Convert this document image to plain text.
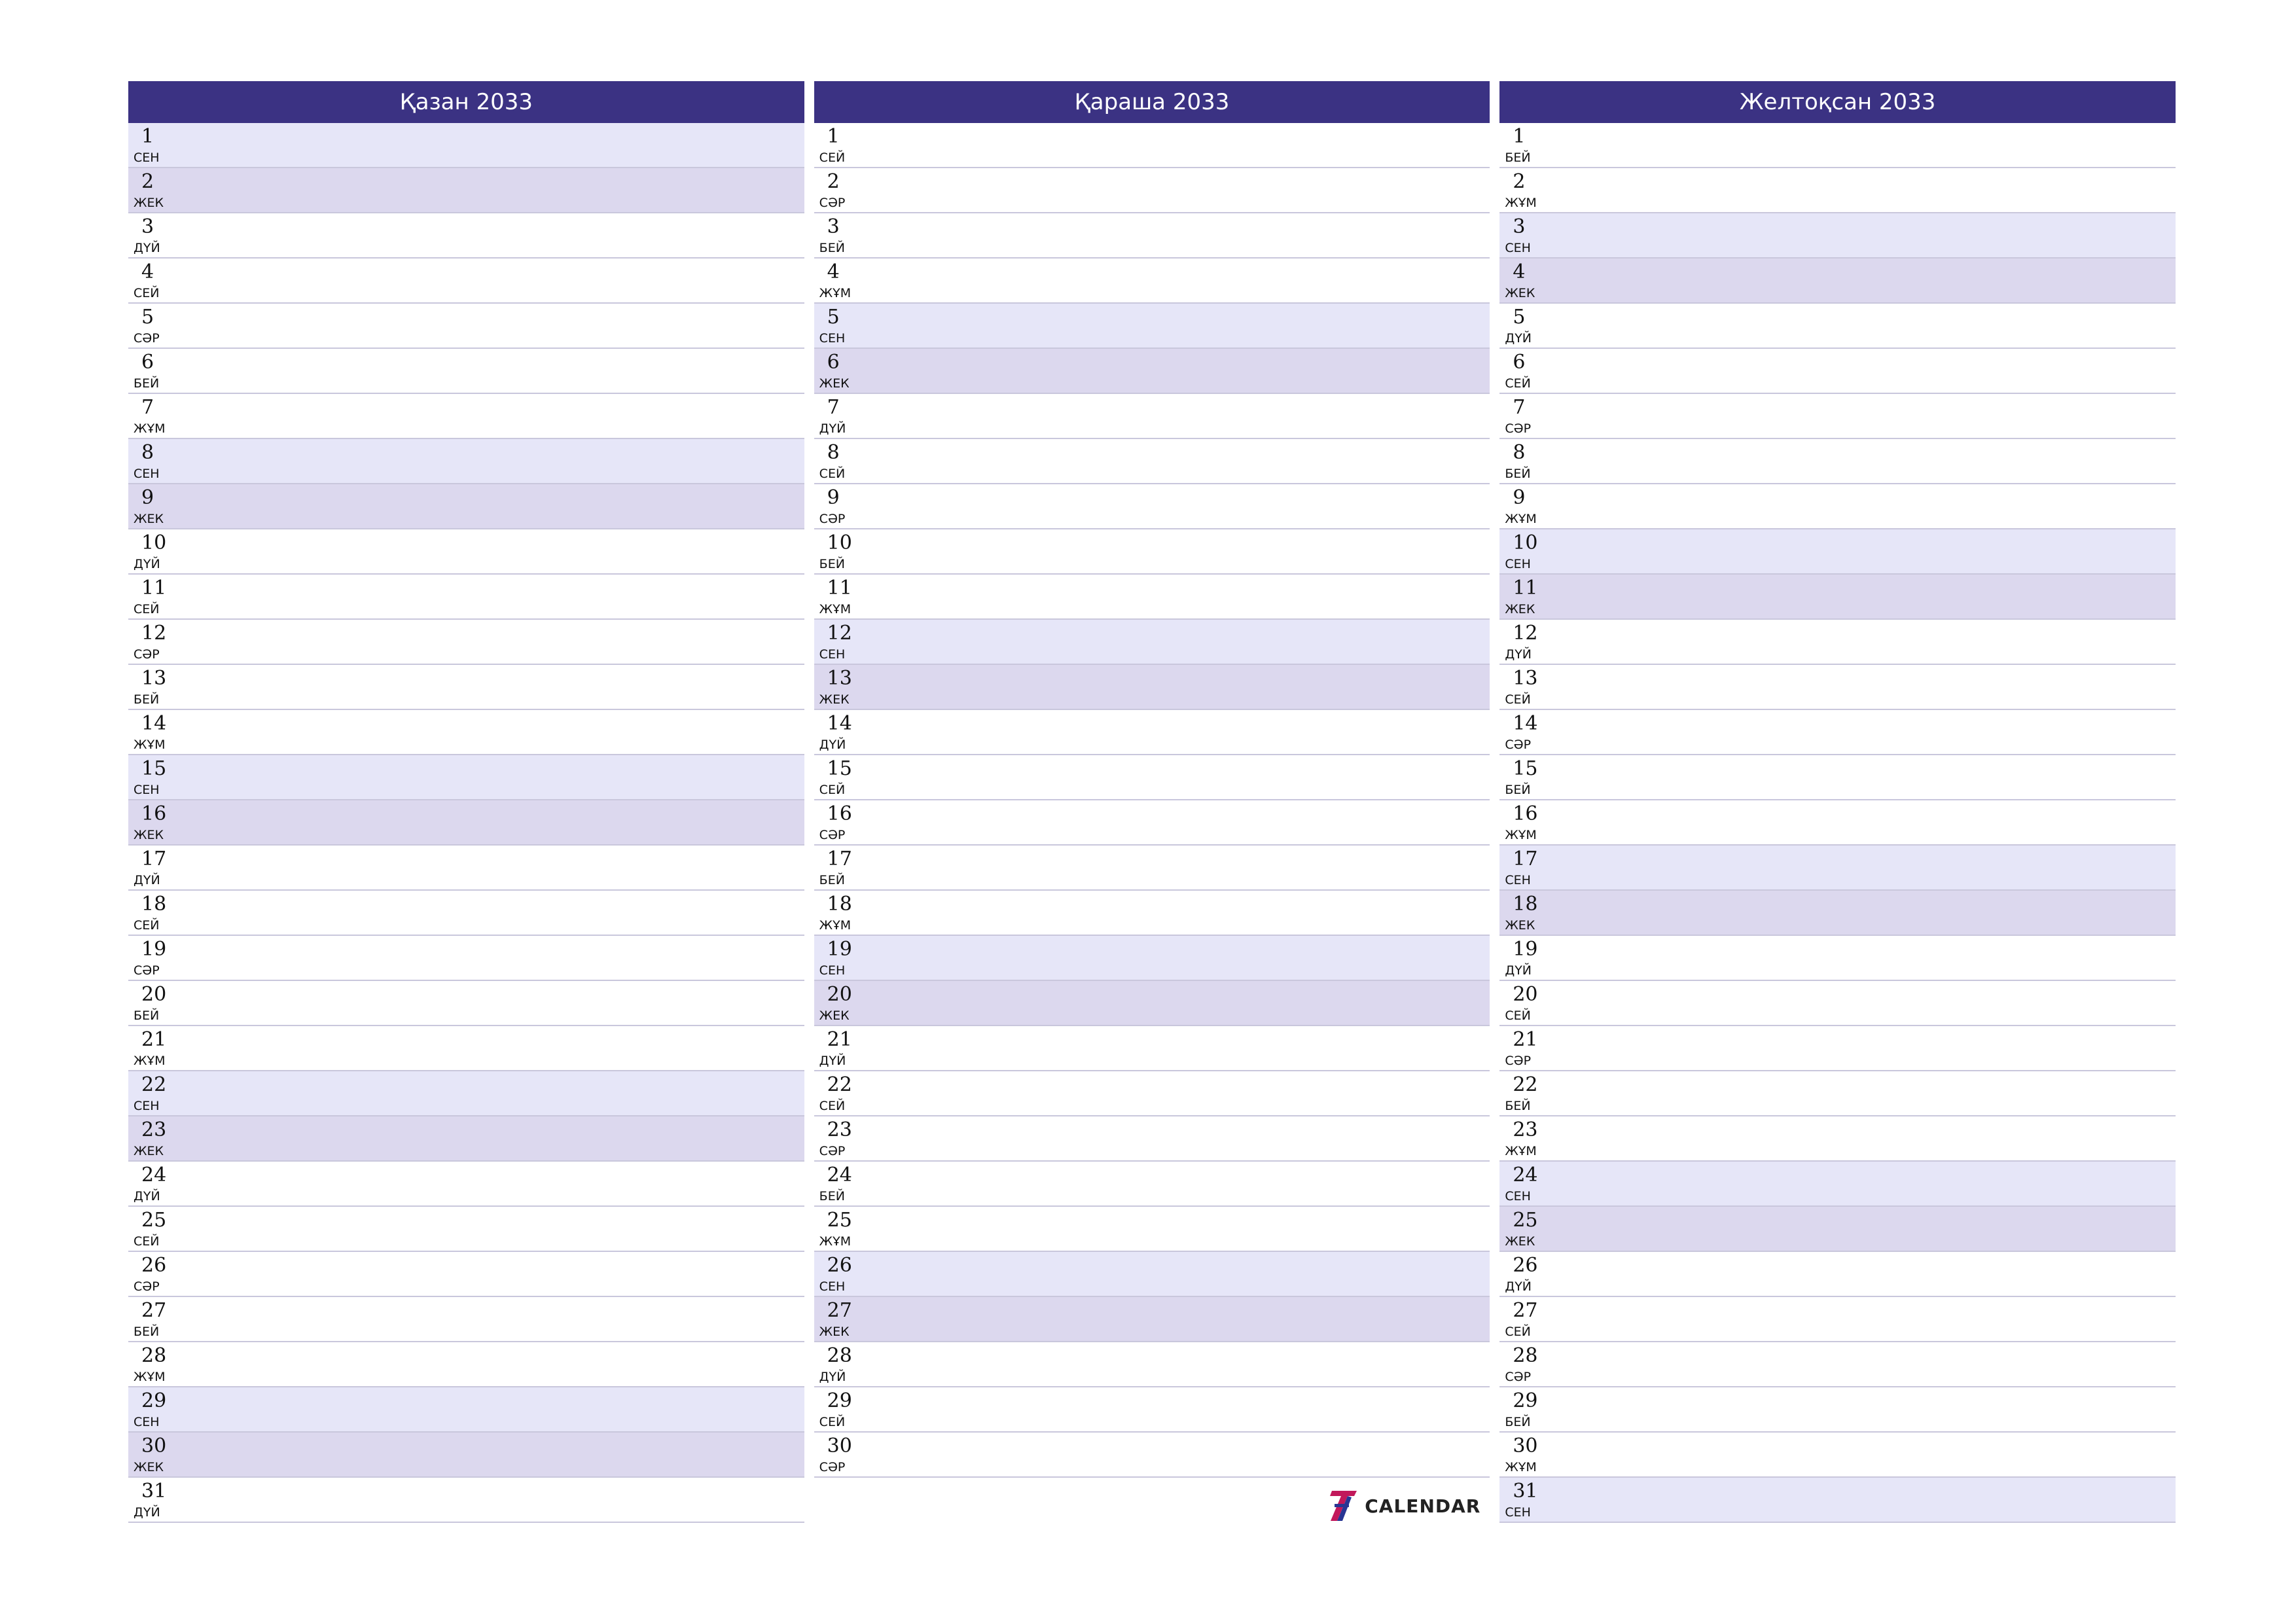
Қазан 2033
1
СЕН
2
ЖЕК
3
ДҮЙ
4
СЕЙ
5
СӘР
6
БЕЙ
7
ЖҰМ
8
СЕН
9
ЖЕК
10
ДҮЙ
11
СЕЙ
12
СӘР
13
БЕЙ
14
ЖҰМ
15
СЕН
16
ЖЕК
17
ДҮЙ
18
СЕЙ
19
СӘР
20
БЕЙ
21
ЖҰМ
22
СЕН
23
ЖЕК
24
ДҮЙ
25
СЕЙ
26
СӘР
27
БЕЙ
28
ЖҰМ
29
СЕН
30
ЖЕК
31
ДҮЙ
Қараша 2033
1
СЕЙ
2
СӘР
3
БЕЙ
4
ЖҰМ
5
СЕН
6
ЖЕК
7
ДҮЙ
8
СЕЙ
9
СӘР
10
БЕЙ
11
ЖҰМ
12
СЕН
13
ЖЕК
14
ДҮЙ
15
СЕЙ
16
СӘР
17
БЕЙ
18
ЖҰМ
19
СЕН
20
ЖЕК
21
ДҮЙ
22
СЕЙ
23
СӘР
24
БЕЙ
25
ЖҰМ
26
СЕН
27
ЖЕК
28
ДҮЙ
29
СЕЙ
30
СӘР
CALENDAR
Желтоқсан 2033
1
БЕЙ
2
ЖҰМ
3
СЕН
4
ЖЕК
5
ДҮЙ
6
СЕЙ
7
СӘР
8
БЕЙ
9
ЖҰМ
10
СЕН
11
ЖЕК
12
ДҮЙ
13
СЕЙ
14
СӘР
15
БЕЙ
16
ЖҰМ
17
СЕН
18
ЖЕК
19
ДҮЙ
20
СЕЙ
21
СӘР
22
БЕЙ
23
ЖҰМ
24
СЕН
25
ЖЕК
26
ДҮЙ
27
СЕЙ
28
СӘР
29
БЕЙ
30
ЖҰМ
31
СЕН
